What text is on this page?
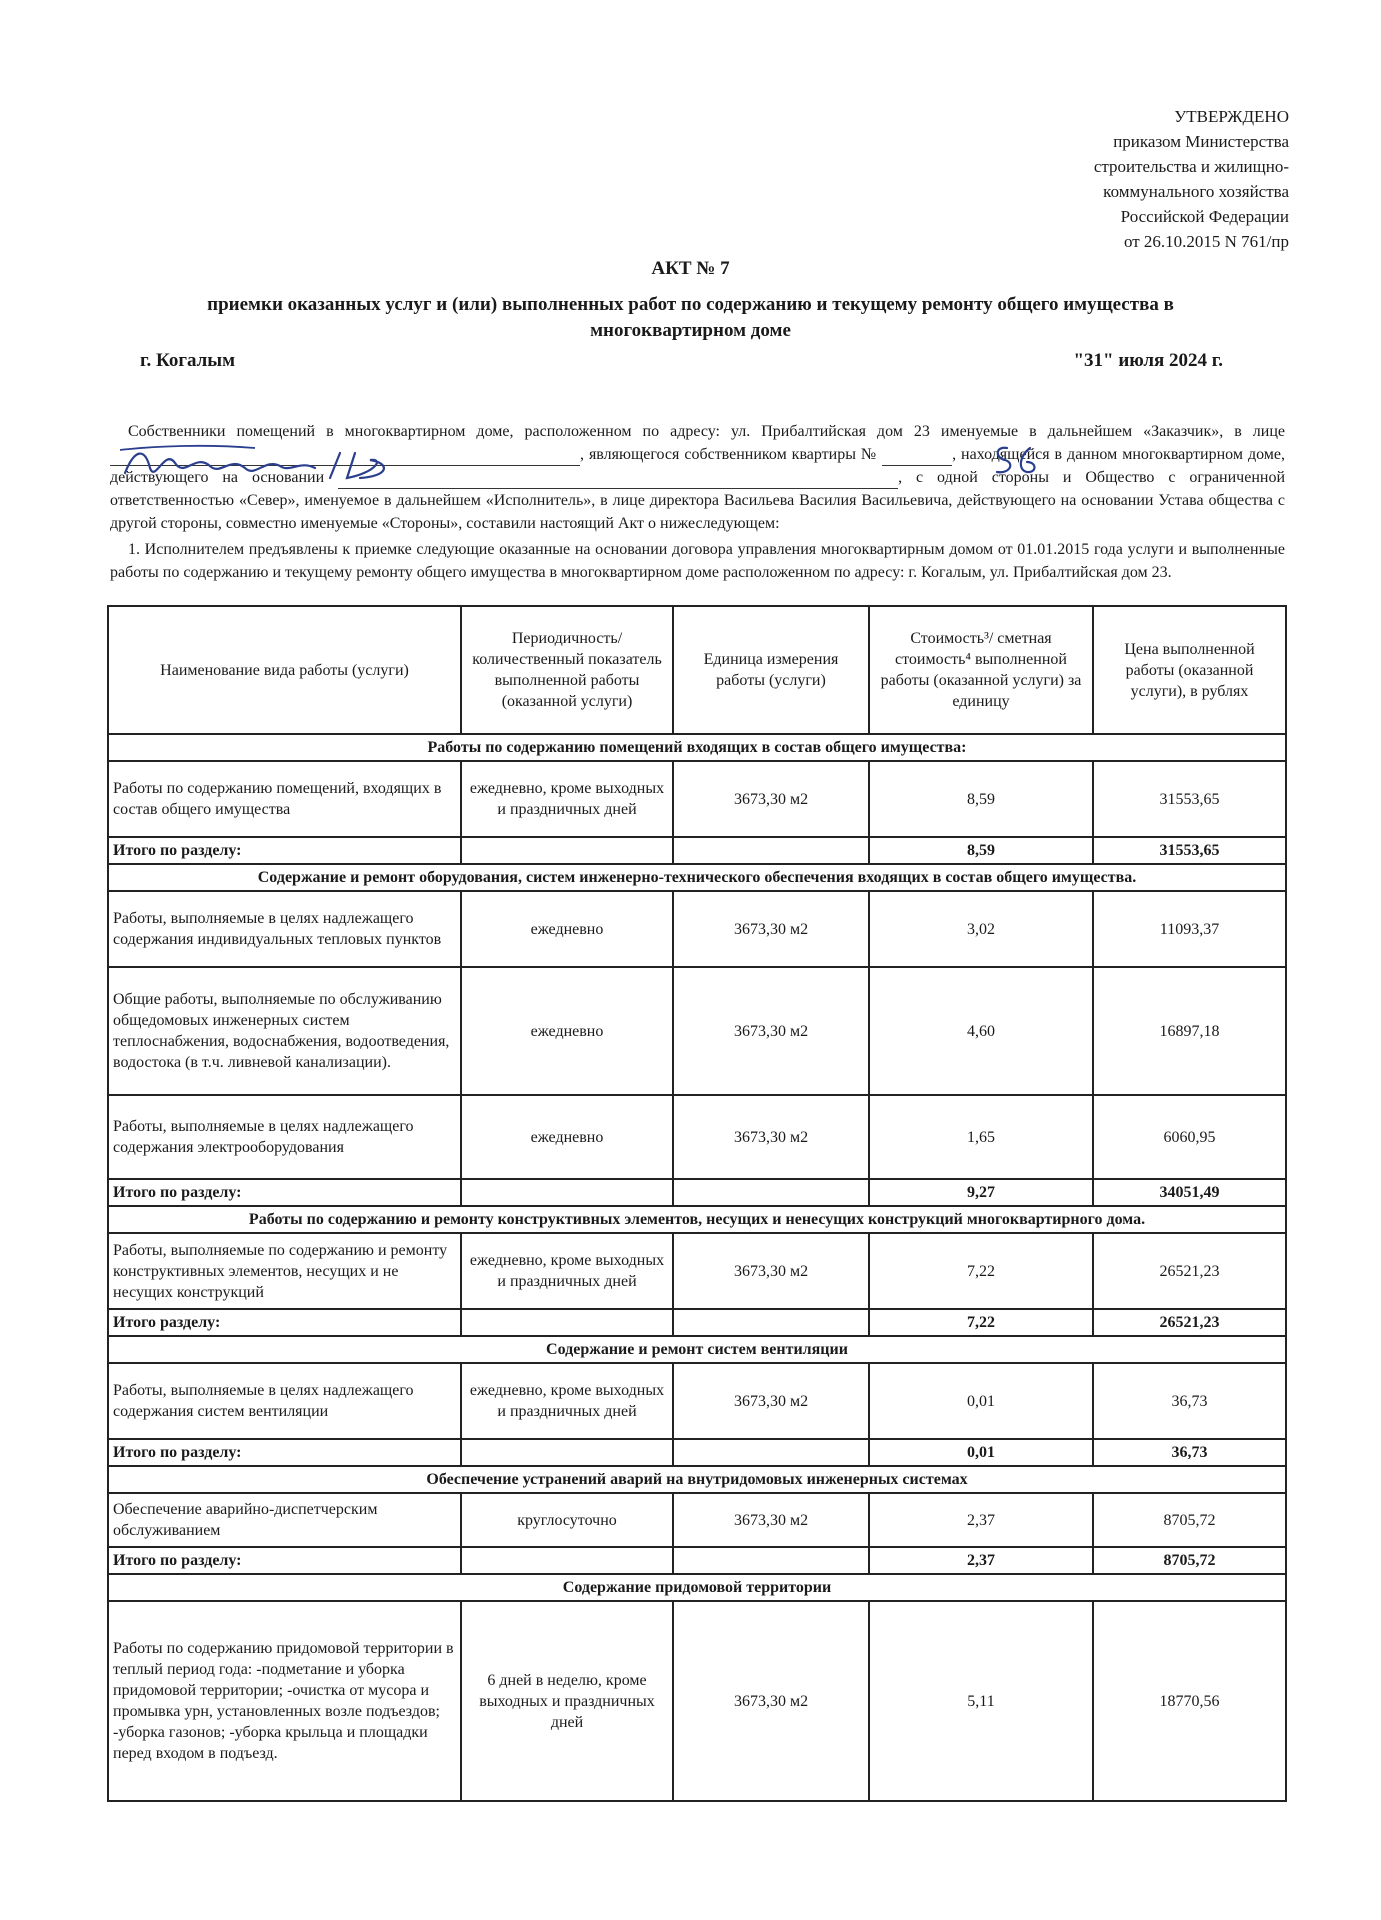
УТВЕРЖДЕНО
приказом Министерства
строительства и жилищно-
коммунального хозяйства
Российской Федерации
от 26.10.2015 N 761/пр
АКТ № 7
приемки оказанных услуг и (или) выполненных работ по содержанию и текущему ремонту общего имущества в многоквартирном доме
г. Когалым	"31" июля 2024 г.
Собственники помещений в многоквартирном доме, расположенном по адресу: ул. Прибалтийская дом 23 именуемые в дальнейшем «Заказчик», в лице , являющегося собственником квартиры №	, находящейся в данном многоквартирном доме, действующего на основании	, с одной стороны и Общество с ограниченной ответственностью «Север», именуемое в дальнейшем «Исполнитель», в лице директора Васильева Василия Васильевича, действующего на основании Устава общества с другой стороны, совместно именуемые «Стороны», составили настоящий Акт о нижеследующем:
1. Исполнителем предъявлены к приемке следующие оказанные на основании договора управления многоквартирным домом от 01.01.2015 года услуги и выполненные работы по содержанию и текущему ремонту общего имущества в многоквартирном доме расположенном по адресу: г. Когалым, ул. Прибалтийская дом 23.
Наименование вида работы (услуги)	Периодичность/ количественный показатель выполненной работы (оказанной услуги)	Единица измерения работы (услуги)	Стоимость³/ сметная стоимость⁴ выполненной работы (оказанной услуги) за единицу	Цена выполненной работы (оказанной услуги), в рублях
Работы по содержанию помещений входящих в состав общего имущества:				
Работы по содержанию помещений, входящих в состав общего имущества	ежедневно, кроме выходных и праздничных дней	3673,30 м2	8,59	31553,65
Итого по разделу:			8,59	31553,65
Содержание и ремонт оборудования, систем инженерно-технического обеспечения входящих в состав общего имущества.				
Работы, выполняемые в целях надлежащего содержания индивидуальных тепловых пунктов	ежедневно	3673,30 м2	3,02	11093,37
Общие работы, выполняемые по обслуживанию общедомовых инженерных систем теплоснабжения, водоснабжения, водоотведения, водостока (в т.ч. ливневой канализации).	ежедневно	3673,30 м2	4,60	16897,18
Работы, выполняемые в целях надлежащего содержания электрооборудования	ежедневно	3673,30 м2	1,65	6060,95
Итого по разделу:			9,27	34051,49
Работы по содержанию и ремонту конструктивных элементов, несущих и ненесущих конструкций многоквартирного дома.				
Работы, выполняемые по содержанию и ремонту конструктивных элементов, несущих и не несущих конструкций	ежедневно, кроме выходных и праздничных дней	3673,30 м2	7,22	26521,23
Итого разделу:			7,22	26521,23
Содержание и ремонт систем вентиляции				
Работы, выполняемые в целях надлежащего содержания систем вентиляции	ежедневно, кроме выходных и праздничных дней	3673,30 м2	0,01	36,73
Итого по разделу:			0,01	36,73
Обеспечение устранений аварий на внутридомовых инженерных системах				
Обеспечение аварийно-диспетчерским обслуживанием	круглосуточно	3673,30 м2	2,37	8705,72
Итого по разделу:			2,37	8705,72
Содержание придомовой территории				
Работы по содержанию придомовой территории в теплый период года: -подметание и уборка придомовой территории; -очистка от мусора и промывка урн, установленных возле подъездов; -уборка газонов; -уборка крыльца и площадки перед входом в подъезд.	6 дней в неделю, кроме выходных и праздничных дней	3673,30 м2	5,11	18770,56
